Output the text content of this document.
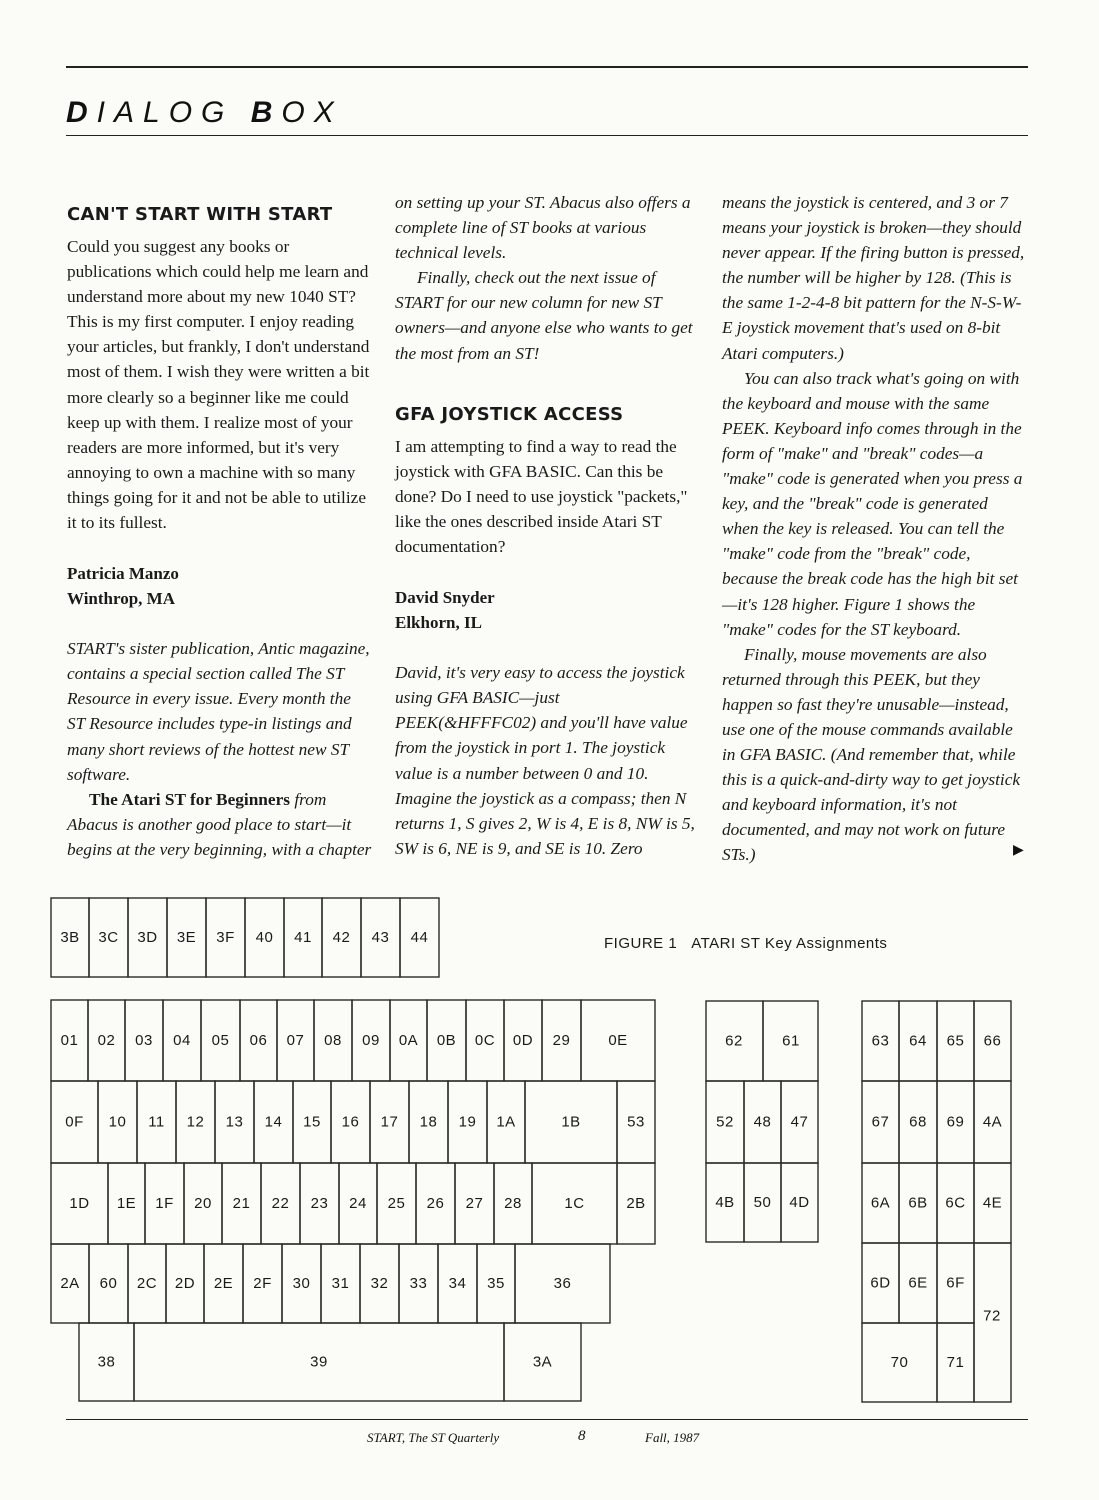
DIALOG BOX
CAN'T START WITH START

Could you suggest any books or publications which could help me learn and understand more about my new 1040 ST? This is my first computer. I enjoy reading your articles, but frankly, I don't understand most of them. I wish they were written a bit more clearly so a beginner like me could keep up with them. I realize most of your readers are more informed, but it's very annoying to own a machine with so many things going for it and not be able to utilize it to its fullest.

Patricia Manzo

Winthrop, MA

START's sister publication, Antic magazine, contains a special section called The ST Resource in every issue. Every month the ST Resource includes type-in listings and many short reviews of the hottest new ST software.

The Atari ST for Beginners from Abacus is another good place to start—it begins at the very beginning, with a chapter

on setting up your ST. Abacus also offers a complete line of ST books at various technical levels.

Finally, check out the next issue of START for our new column for new ST owners—and anyone else who wants to get the most from an ST!

GFA JOYSTICK ACCESS

I am attempting to find a way to read the joystick with GFA BASIC. Can this be done? Do I need to use joystick "packets," like the ones described inside Atari ST documentation?

David Snyder

Elkhorn, IL

David, it's very easy to access the joystick using GFA BASIC—just PEEK(&HFFFC02) and you'll have value from the joystick in port 1. The joystick value is a number between 0 and 10. Imagine the joystick as a compass; then N returns 1, S gives 2, W is 4, E is 8, NW is 5, SW is 6, NE is 9, and SE is 10. Zero

means the joystick is centered, and 3 or 7 means your joystick is broken—they should never appear. If the firing button is pressed, the number will be higher by 128. (This is the same 1-2-4-8 bit pattern for the N-S-W-E joystick movement that's used on 8-bit Atari computers.)

You can also track what's going on with the keyboard and mouse with the same PEEK. Keyboard info comes through in the form of "make" and "break" codes—a "make" code is generated when you press a key, and the "break" code is generated when the key is released. You can tell the "make" code from the "break" code, because the break code has the high bit set—it's 128 higher. Figure 1 shows the "make" codes for the ST keyboard.

Finally, mouse movements are also returned through this PEEK, but they happen so fast they're unusable—instead, use one of the mouse commands available in GFA BASIC. (And remember that, while this is a quick-and-dirty way to get joystick and keyboard information, it's not documented, and may not work on future STs.)	▶
FIGURE 1 ATARI ST Key Assignments
3B 3C 3D 3E 3F 40 41 42 43 44
01 02 03 04 05 06 07 08 09 0A 0B 0C 0D 29	0E
0F 10 11 12 13 14 15 16 17 18 19 1A	1B	53
1D 1E 1F 20 21 22 23 24 25 26 27 28	1C	2B
2A 60 2C 2D 2E 2F 30 31 32 33 34 35	36
38	39	3A
62	61
52 48 47
4B 50 4D
63 64 65 66
67 68 69 4A
6A 6B 6C 4E
6D 6E 6F
72
70	71
START, The ST Quarterly	8	Fall, 1987
